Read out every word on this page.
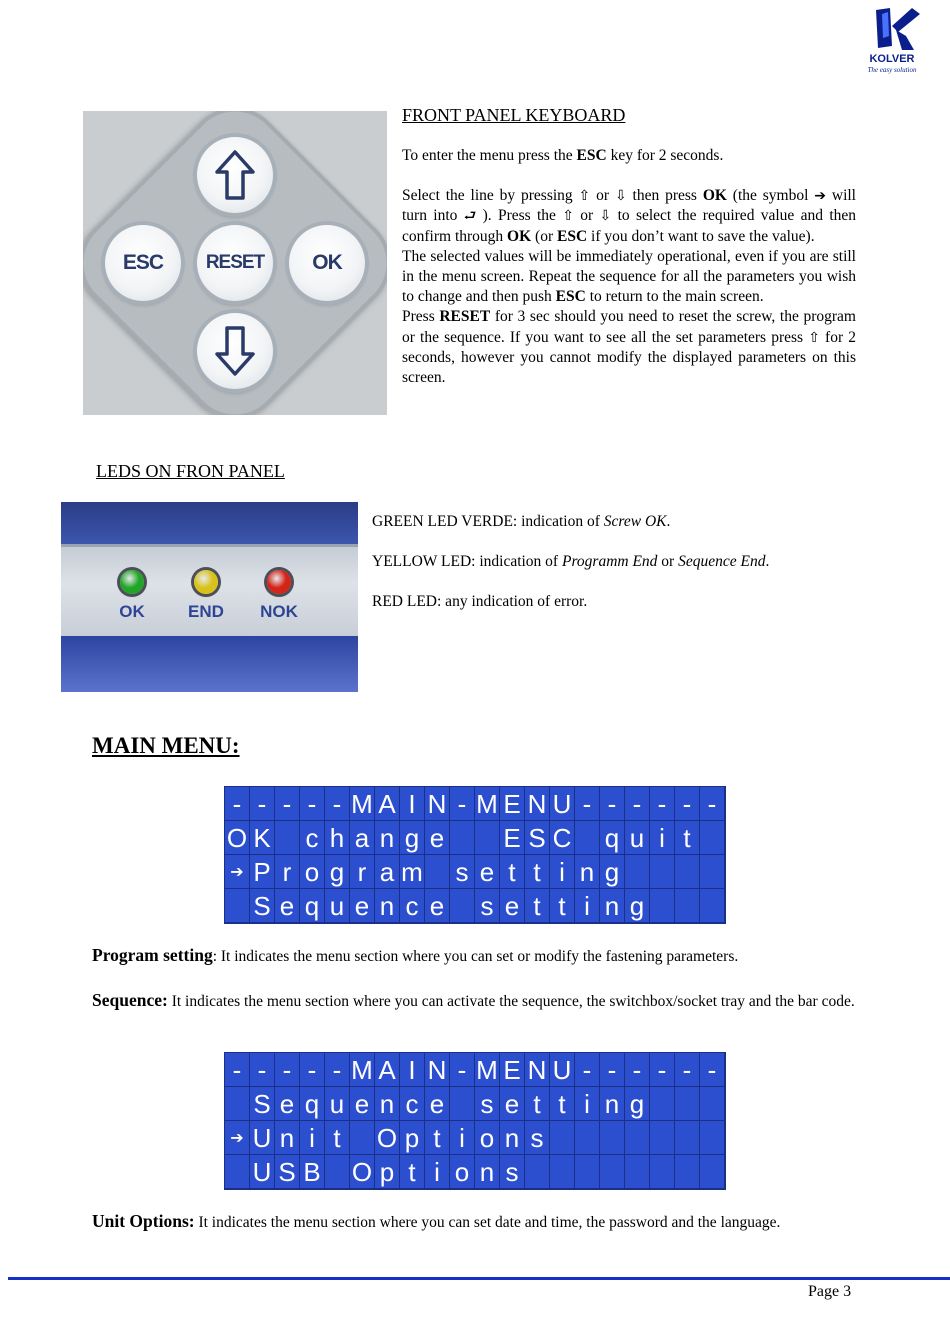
KOLVER
The easy solution
ESC	RESET	OK
FRONT PANEL KEYBOARD

To enter the menu press the ESC key for 2 seconds.

Select the line by pressing ⇧ or ⇩ then press OK (the symbol ➔ will turn into ⮐ ). Press the ⇧ or ⇩ to select the required value and then confirm through OK (or ESC if you don’t want to save the value).

The selected values will be immediately operational, even if you are still in the menu screen. Repeat the sequence for all the parameters you wish to change and then push ESC to return to the main screen.

Press RESET for 3 sec should you need to reset the screw, the program or the sequence. If you want to see all the set parameters press ⇧ for 2 seconds, however you cannot modify the displayed parameters on this screen.

LEDS ON FRON PANEL
OK	END	NOK

GREEN LED VERDE: indication of Screw OK.

YELLOW LED: indication of Programm End or Sequence End.

RED LED: any indication of error.

MAIN MENU:
- - - - - M A I N - M E N U - - - - - -
O K
c h a n g e

E S C
q u i t

➔ P r o g r a m
s e t t i n g

S e q u e n c e
s e t t i n g

Program setting: It indicates the menu section where you can set or modify the fastening parameters.
Sequence: It indicates the menu section where you can activate the sequence, the switchbox/socket tray and the bar code.
- - - - - M A I N - M E N U - - - - - -

S e q u e n c e
s e t t i n g

➔ U n i t
	O p t i o n s

U S B
O p t i o n s

Unit Options: It indicates the menu section where you can set date and time, the password and the language.
Page 3
